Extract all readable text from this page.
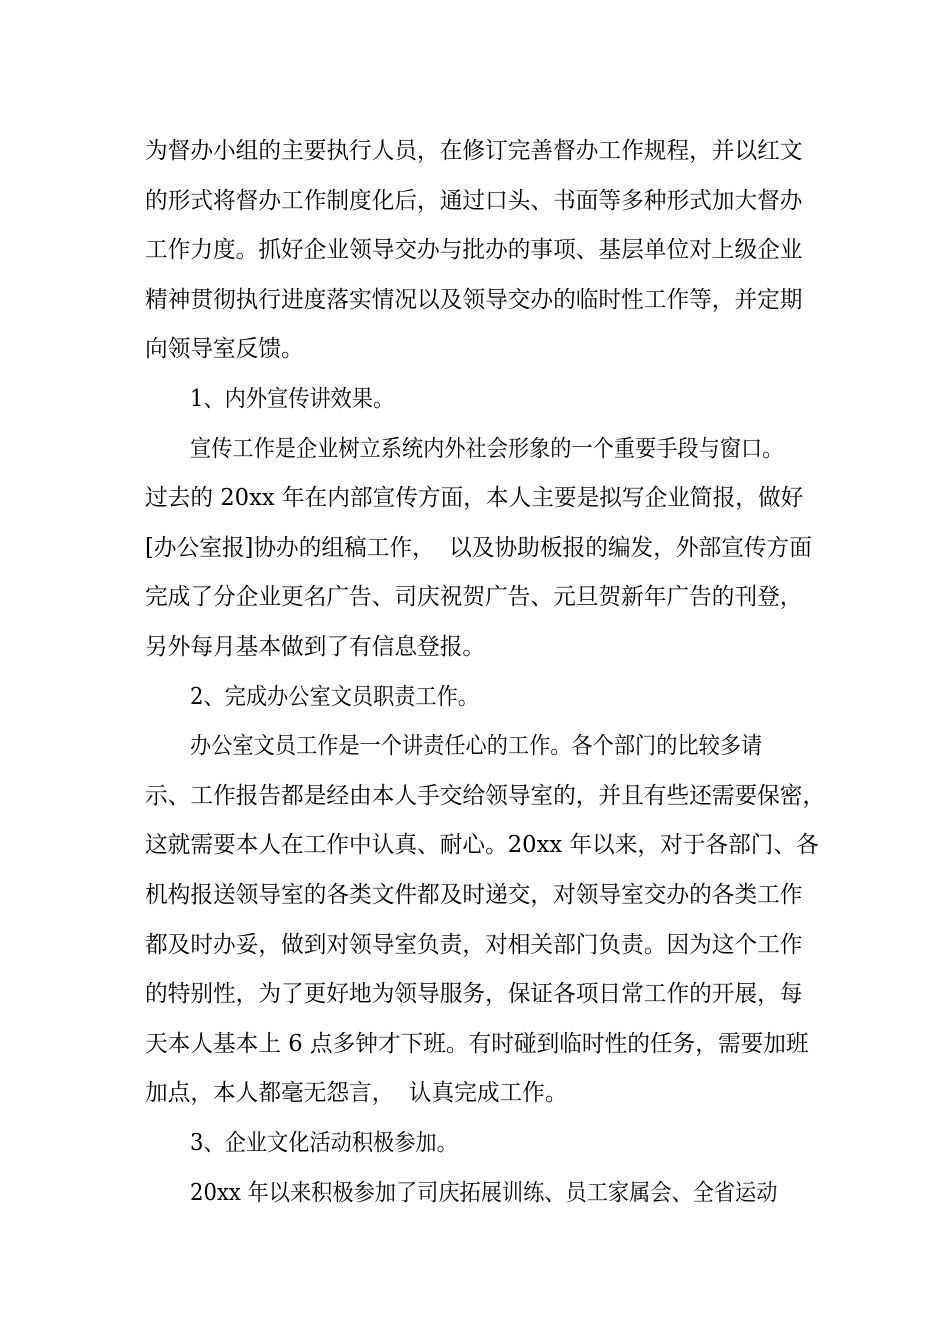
为督办小组的主要执行人员，在修订完善督办工作规程，并以红文
的形式将督办工作制度化后，通过口头、书面等多种形式加大督办
工作力度。抓好企业领导交办与批办的事项、基层单位对上级企业
精神贯彻执行进度落实情况以及领导交办的临时性工作等，并定期
向领导室反馈。
1、内外宣传讲效果。
宣传工作是企业树立系统内外社会形象的一个重要手段与窗口。
过去的 20xx 年在内部宣传方面，本人主要是拟写企业简报，做好
[办公室报]协办的组稿工作，  以及协助板报的编发，外部宣传方面
完成了分企业更名广告、司庆祝贺广告、元旦贺新年广告的刊登，
另外每月基本做到了有信息登报。
2、完成办公室文员职责工作。
办公室文员工作是一个讲责任心的工作。各个部门的比较多请
示、工作报告都是经由本人手交给领导室的，并且有些还需要保密，
这就需要本人在工作中认真、耐心。20xx 年以来，对于各部门、各
机构报送领导室的各类文件都及时递交，对领导室交办的各类工作
都及时办妥，做到对领导室负责，对相关部门负责。因为这个工作
的特别性，为了更好地为领导服务，保证各项日常工作的开展，每
天本人基本上 6 点多钟才下班。有时碰到临时性的任务，需要加班
加点，本人都毫无怨言，  认真完成工作。
3、企业文化活动积极参加。
20xx 年以来积极参加了司庆拓展训练、员工家属会、全省运动
